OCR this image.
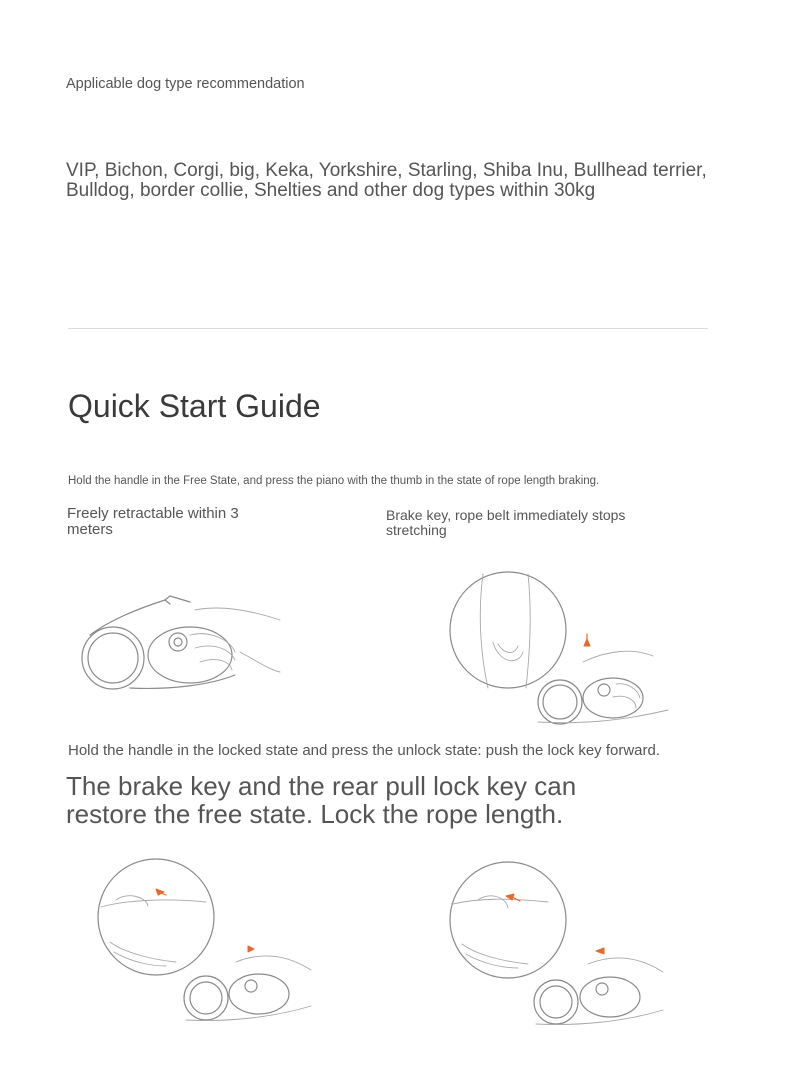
Applicable dog type recommendation
VIP, Bichon, Corgi, big, Keka, Yorkshire, Starling, Shiba Inu, Bullhead terrier, Bulldog, border collie, Shelties and other dog types within 30kg
Quick Start Guide
Hold the handle in the Free State, and press the piano with the thumb in the state of rope length braking.
Freely retractable within 3 meters
Brake key, rope belt immediately stops stretching
Hold the handle in the locked state and press the unlock state: push the lock key forward.
The brake key and the rear pull lock key can restore the free state. Lock the rope length.
